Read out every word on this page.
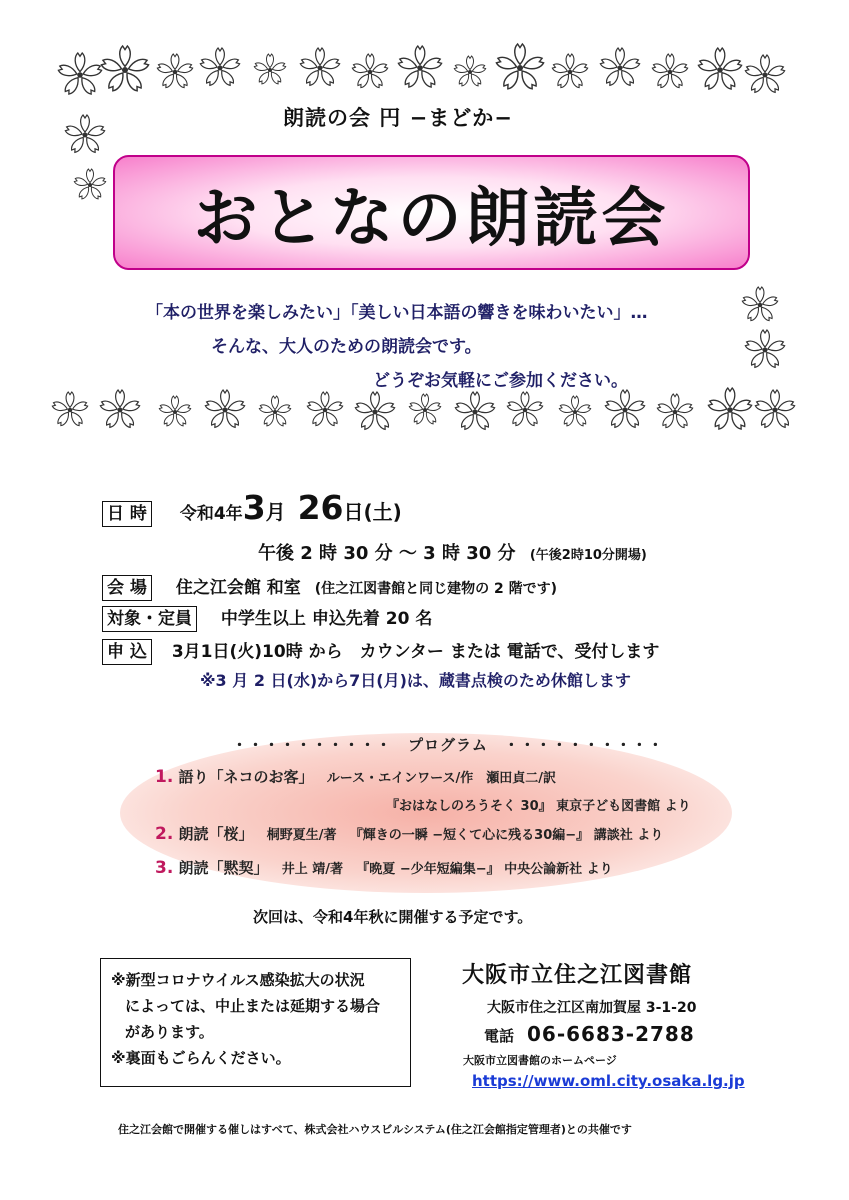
朗読の会 円 −まどか−
おとなの朗読会
「本の世界を楽しみたい」「美しい日本語の響きを味わいたい」…
そんな、大人のための朗読会です。
どうぞお気軽にご参加ください。
日 時 令和4年3月 26日(土)
午後 2 時 30 分 〜 3 時 30 分 (午後2時10分開場)
会 場 住之江会館 和室 (住之江図書館と同じ建物の 2 階です)
対象・定員 中学生以上 申込先着 20 名
申 込 3月1日(火)10時 から　カウンター または 電話で、受付します
※3 月 2 日(水)から7日(月)は、蔵書点検のため休館します
・・・・・・・・・・　プログラム　・・・・・・・・・・
1. 語り「ネコのお客」 ルース・エインワース/作　瀬田貞二/訳
『おはなしのろうそく 30』 東京子ども図書館 より
2. 朗読「桜」 桐野夏生/著 『輝きの一瞬 −短くて心に残る30編−』 講談社 より
3. 朗読「黙契」 井上 靖/著 『晩夏 −少年短編集−』 中央公論新社 より
次回は、令和4年秋に開催する予定です。
※新型コロナウイルス感染拡大の状況
によっては、中止または延期する場合
があります。
※裏面もごらんください。
大阪市立住之江図書館
大阪市住之江区南加賀屋 3-1-20
電話 06-6683-2788
大阪市立図書館のホームページ
https://www.oml.city.osaka.lg.jp
住之江会館で開催する催しはすべて、株式会社ハウスビルシステム(住之江会館指定管理者)との共催です
